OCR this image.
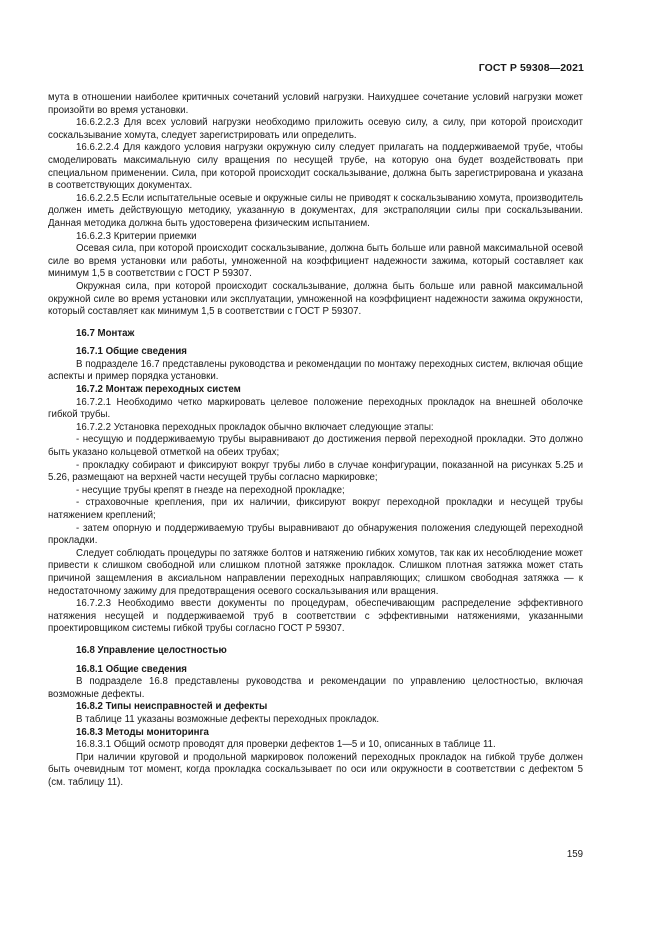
ГОСТ Р 59308—2021

мута в отношении наиболее критичных сочетаний условий нагрузки. Наихудшее сочетание условий нагрузки может произойти во время установки.

16.6.2.2.3 Для всех условий нагрузки необходимо приложить осевую силу, а силу, при которой происходит соскальзывание хомута, следует зарегистрировать или определить.

16.6.2.2.4 Для каждого условия нагрузки окружную силу следует прилагать на поддерживаемой трубе, чтобы смоделировать максимальную силу вращения по несущей трубе, на которую она будет воздействовать при специальном применении. Сила, при которой происходит соскальзывание, должна быть зарегистрирована и указана в соответствующих документах.

16.6.2.2.5 Если испытательные осевые и окружные силы не приводят к соскальзыванию хомута, производитель должен иметь действующую методику, указанную в документах, для экстраполяции силы при соскальзывании. Данная методика должна быть удостоверена физическим испытанием.

16.6.2.3 Критерии приемки

Осевая сила, при которой происходит соскальзывание, должна быть больше или равной максимальной осевой силе во время установки или работы, умноженной на коэффициент надежности зажима, который составляет как минимум 1,5 в соответствии с ГОСТ Р 59307.

Окружная сила, при которой происходит соскальзывание, должна быть больше или равной максимальной окружной силе во время установки или эксплуатации, умноженной на коэффициент надежности зажима окружности, который составляет как минимум 1,5 в соответствии с ГОСТ Р 59307.

16.7 Монтаж

16.7.1 Общие сведения

В подразделе 16.7 представлены руководства и рекомендации по монтажу переходных систем, включая общие аспекты и пример порядка установки.

16.7.2 Монтаж переходных систем

16.7.2.1 Необходимо четко маркировать целевое положение переходных прокладок на внешней оболочке гибкой трубы.

16.7.2.2 Установка переходных прокладок обычно включает следующие этапы:

- несущую и поддерживаемую трубы выравнивают до достижения первой переходной прокладки. Это должно быть указано кольцевой отметкой на обеих трубах;

- прокладку собирают и фиксируют вокруг трубы либо в случае конфигурации, показанной на рисунках 5.25 и 5.26, размещают на верхней части несущей трубы согласно маркировке;

- несущие трубы крепят в гнезде на переходной прокладке;

- страховочные крепления, при их наличии, фиксируют вокруг переходной прокладки и несущей трубы натяжением креплений;

- затем опорную и поддерживаемую трубы выравнивают до обнаружения положения следующей переходной прокладки.

Следует соблюдать процедуры по затяжке болтов и натяжению гибких хомутов, так как их несоблюдение может привести к слишком свободной или слишком плотной затяжке прокладок. Слишком плотная затяжка может стать причиной защемления в аксиальном направлении переходных направляющих; слишком свободная затяжка — к недостаточному зажиму для предотвращения осевого соскальзывания или вращения.

16.7.2.3 Необходимо ввести документы по процедурам, обеспечивающим распределение эффективного натяжения несущей и поддерживаемой труб в соответствии с эффективными натяжениями, указанными проектировщиком системы гибкой трубы согласно ГОСТ Р 59307.

16.8 Управление целостностью

16.8.1 Общие сведения

В подразделе 16.8 представлены руководства и рекомендации по управлению целостностью, включая возможные дефекты.

16.8.2 Типы неисправностей и дефекты

В таблице 11 указаны возможные дефекты переходных прокладок.

16.8.3 Методы мониторинга

16.8.3.1 Общий осмотр проводят для проверки дефектов 1—5 и 10, описанных в таблице 11.

При наличии круговой и продольной маркировок положений переходных прокладок на гибкой трубе должен быть очевидным тот момент, когда прокладка соскальзывает по оси или окружности в соответствии с дефектом 5 (см. таблицу 11).

159
